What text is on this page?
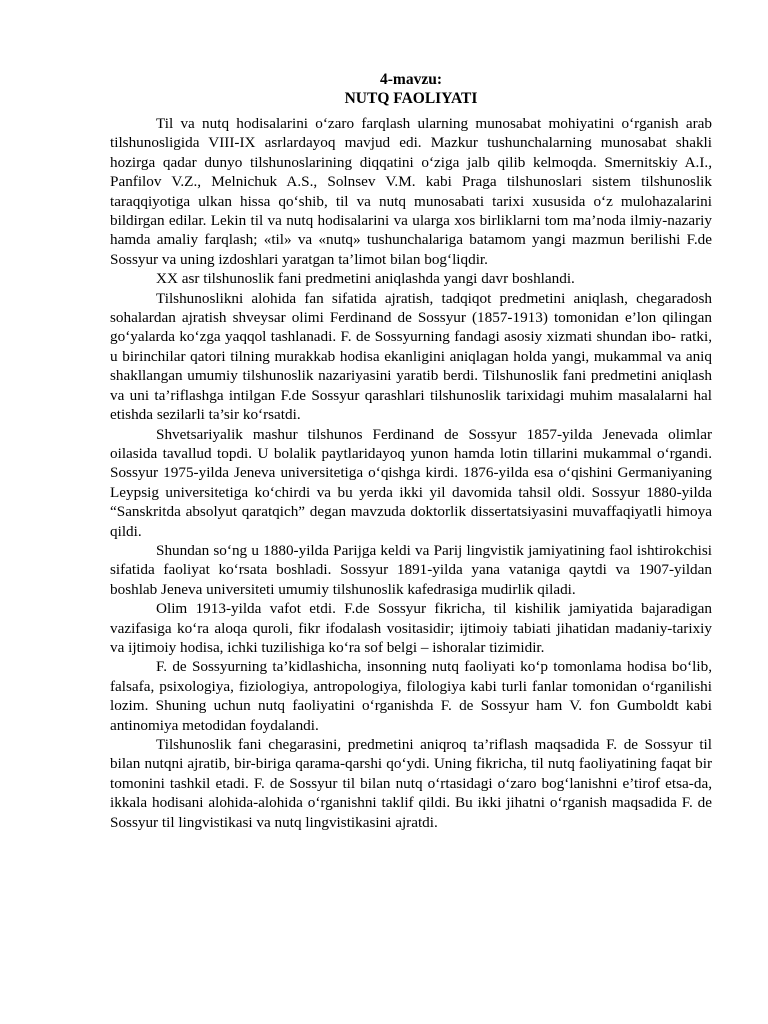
4-mavzu:

NUTQ FAOLIYATI

Til va nutq hodisalarini o‘zaro farqlash ularning munosabat mohiyatini o‘rganish arab tilshunosligida VIII-IX asrlardayoq mavjud edi. Mazkur tushunchalarning munosabat shakli hozirga qadar dunyo tilshunoslarining diqqatini o‘ziga jalb qilib kelmoqda. Smernitskiy A.I., Panfilov V.Z., Melnichuk A.S., Solnsev V.M. kabi Praga tilshunoslari sistem tilshunoslik taraqqiyotiga ulkan hissa qo‘shib, til va nutq munosabati tarixi xususida o‘z mulohazalarini bildirgan edilar. Lekin til va nutq hodisalarini va ularga xos birliklarni tom ma’noda ilmiy-nazariy hamda amaliy farqlash; «til» va «nutq» tushunchalariga batamom yangi mazmun berilishi F.de Sossyur va uning izdoshlari yaratgan ta’limot bilan bog‘liqdir.

XX asr tilshunoslik fani predmetini aniqlashda yangi davr boshlandi.

Tilshunoslikni alohida fan sifatida ajratish, tadqiqot predmetini aniqlash, chegaradosh sohalardan ajratish shveysar olimi Ferdinand de Sossyur (1857-1913) tomonidan e’lon qilingan go‘yalarda ko‘zga yaqqol tashlanadi. F. de Sossyurning fandagi asosiy xizmati shundan ibo- ratki, u birinchilar qatori tilning murakkab hodisa ekanligini aniqlagan holda yangi, mukammal va aniq shakllangan umumiy tilshunoslik nazariyasini yaratib berdi. Tilshunoslik fani predmetini aniqlash va uni ta’riflashga intilgan F.de Sossyur qarashlari tilshunoslik tarixidagi muhim masalalarni hal etishda sezilarli ta’sir ko‘rsatdi.

Shvetsariyalik mashur tilshunos Ferdinand de Sossyur 1857-yilda Jenevada olimlar oilasida tavallud topdi. U bolalik paytlaridayoq yunon hamda lotin tillarini mukammal o‘rgandi. Sossyur 1975-yilda Jeneva universitetiga o‘qishga kirdi. 1876-yilda esa o‘qishini Germaniyaning Leypsig universitetiga ko‘chirdi va bu yerda ikki yil davomida tahsil oldi. Sossyur 1880-yilda “Sanskritda absolyut qaratqich” degan mavzuda doktorlik dissertatsiyasini muvaffaqiyatli himoya qildi.

Shundan so‘ng u 1880-yilda Parijga keldi va Parij lingvistik jamiyatining faol ishtirokchisi sifatida faoliyat ko‘rsata boshladi. Sossyur 1891-yilda yana vataniga qaytdi va 1907-yildan boshlab Jeneva universiteti umumiy tilshunoslik kafedrasiga mudirlik qiladi.

Olim 1913-yilda vafot etdi. F.de Sossyur fikricha, til kishilik jamiyatida bajaradigan vazifasiga ko‘ra aloqa quroli, fikr ifodalash vositasidir; ijtimoiy tabiati jihatidan madaniy-tarixiy va ijtimoiy hodisa, ichki tuzilishiga ko‘ra sof belgi – ishoralar tizimidir.

F. de Sossyurning ta’kidlashicha, insonning nutq faoliyati ko‘p tomonlama hodisa bo‘lib, falsafa, psixologiya, fiziologiya, antropologiya, filologiya kabi turli fanlar tomonidan o‘rganilishi lozim. Shuning uchun nutq faoliyatini o‘rganishda F. de Sossyur ham V. fon Gumboldt kabi antinomiya metodidan foydalandi.

Tilshunoslik fani chegarasini, predmetini aniqroq ta’riflash maqsadida F. de Sossyur til bilan nutqni ajratib, bir-biriga qarama-qarshi qo‘ydi. Uning fikricha, til nutq faoliyatining faqat bir tomonini tashkil etadi. F. de Sossyur til bilan nutq o‘rtasidagi o‘zaro bog‘lanishni e’tirof etsa-da, ikkala hodisani alohida-alohida o‘rganishni taklif qildi. Bu ikki jihatni o‘rganish maqsadida F. de Sossyur til lingvistikasi va nutq lingvistikasini ajratdi.
